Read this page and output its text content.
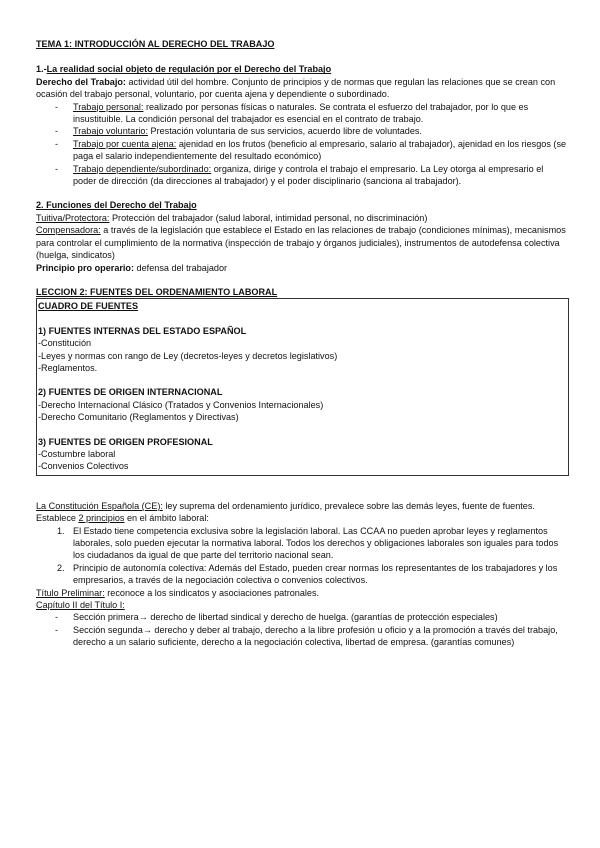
TEMA 1: INTRODUCCIÓN AL DERECHO DEL TRABAJO

1.-La realidad social objeto de regulación por el Derecho del Trabajo

Derecho del Trabajo: actividad útil del hombre. Conjunto de principios y de normas que regulan las relaciones que se crean con ocasión del trabajo personal, voluntario, por cuenta ajena y dependiente o subordinado.

- Trabajo personal: realizado por personas físicas o naturales. Se contrata el esfuerzo del trabajador, por lo que es insustituible. La condición personal del trabajador es esencial en el contrato de trabajo.
- Trabajo voluntario: Prestación voluntaria de sus servicios, acuerdo libre de voluntades.
- Trabajo por cuenta ajena: ajenidad en los frutos (beneficio al empresario, salario al trabajador), ajenidad en los riesgos (se paga el salario independientemente del resultado económico)
- Trabajo dependiente/subordinado: organiza, dirige y controla el trabajo el empresario. La Ley otorga al empresario el poder de dirección (da direcciones al trabajador) y el poder disciplinario (sanciona al trabajador).

2. Funciones del Derecho del Trabajo

Tuitiva/Protectora: Protección del trabajador (salud laboral, intimidad personal, no discriminación)

Compensadora: a través de la legislación que establece el Estado en las relaciones de trabajo (condiciones mínimas), mecanismos para controlar el cumplimiento de la normativa (inspección de trabajo y órganos judiciales), instrumentos de autodefensa colectiva (huelga, sindicatos)

Principio pro operario: defensa del trabajador

LECCION 2: FUENTES DEL ORDENAMIENTO LABORAL

CUADRO DE FUENTES

1) FUENTES INTERNAS DEL ESTADO ESPAÑOL

-Constitución

-Leyes y normas con rango de Ley (decretos-leyes y decretos legislativos)

-Reglamentos.

2) FUENTES DE ORIGEN INTERNACIONAL

-Derecho Internacional Clásico (Tratados y Convenios Internacionales)

-Derecho Comunitario (Reglamentos y Directivas)

3) FUENTES DE ORIGEN PROFESIONAL

-Costumbre laboral

-Convenios Colectivos

La Constitución Española (CE): ley suprema del ordenamiento jurídico, prevalece sobre las demás leyes, fuente de fuentes.

Establece 2 principios en el ámbito laboral:

1. El Estado tiene competencia exclusiva sobre la legislación laboral. Las CCAA no pueden aprobar leyes y reglamentos laborales, solo pueden ejecutar la normativa laboral. Todos los derechos y obligaciones laborales son iguales para todos los ciudadanos da igual de que parte del territorio nacional sean.
2. Principio de autonomía colectiva: Además del Estado, pueden crear normas los representantes de los trabajadores y los empresarios, a través de la negociación colectiva o convenios colectivos.

Título Preliminar: reconoce a los sindicatos y asociaciones patronales.

Capítulo II del Título I:

- Sección primera→ derecho de libertad sindical y derecho de huelga. (garantías de protección especiales)
- Sección segunda→ derecho y deber al trabajo, derecho a la libre profesión u oficio y a la promoción a través del trabajo, derecho a un salario suficiente, derecho a la negociación colectiva, libertad de empresa. (garantías comunes)
